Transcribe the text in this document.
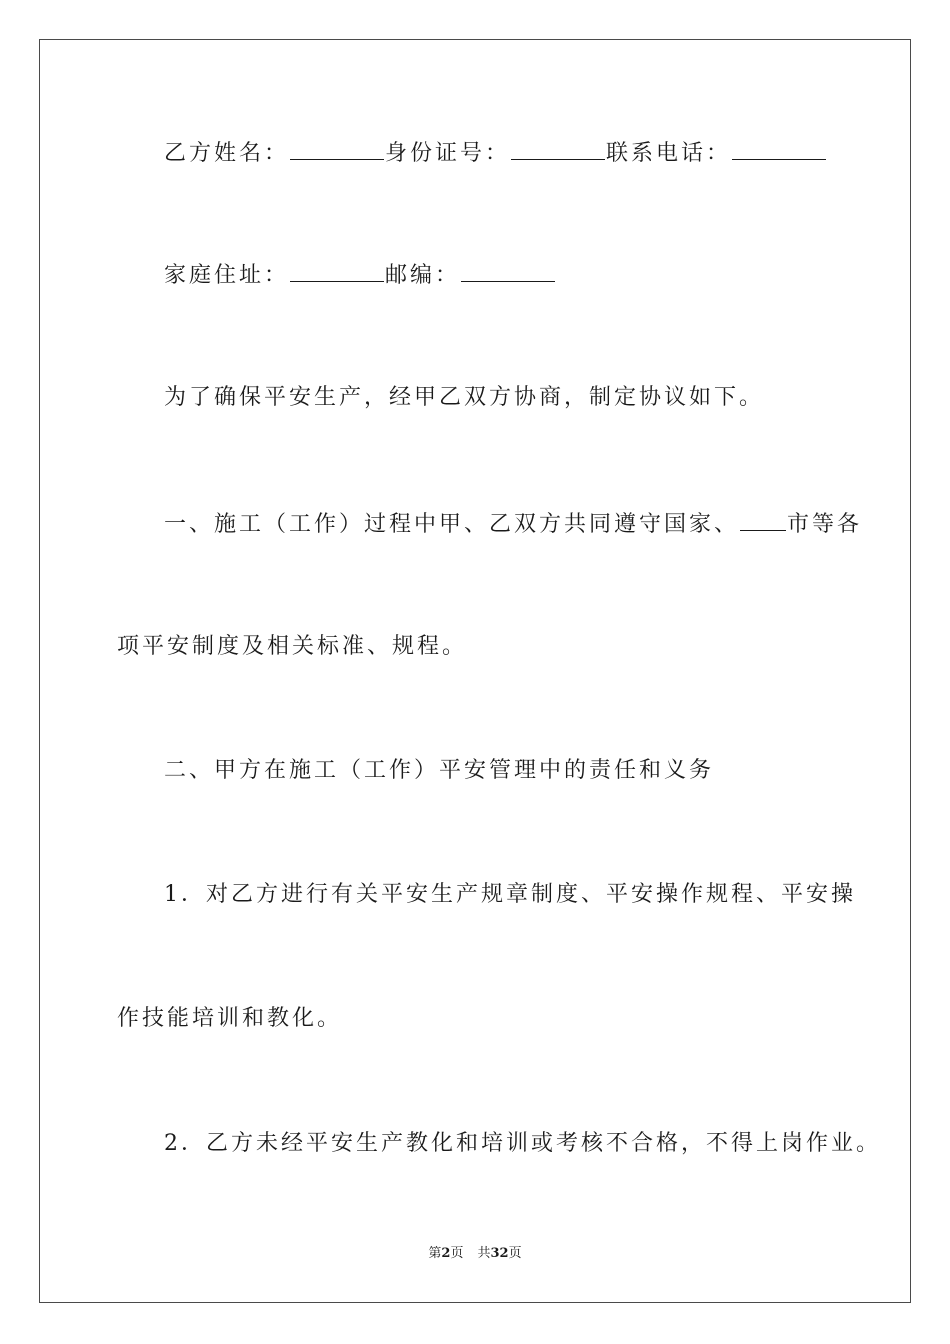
乙方姓名：	身份证号：	联系电话：
家庭住址：	邮编：
为了确保平安生产，经甲乙双方协商，制定协议如下。
一、施工（工作）过程中甲、乙双方共同遵守国家、 市等各
项平安制度及相关标准、规程。
二、甲方在施工（工作）平安管理中的责任和义务
1．对乙方进行有关平安生产规章制度、平安操作规程、平安操
作技能培训和教化。
2．乙方未经平安生产教化和培训或考核不合格，不得上岗作业。
第2页 共32页
